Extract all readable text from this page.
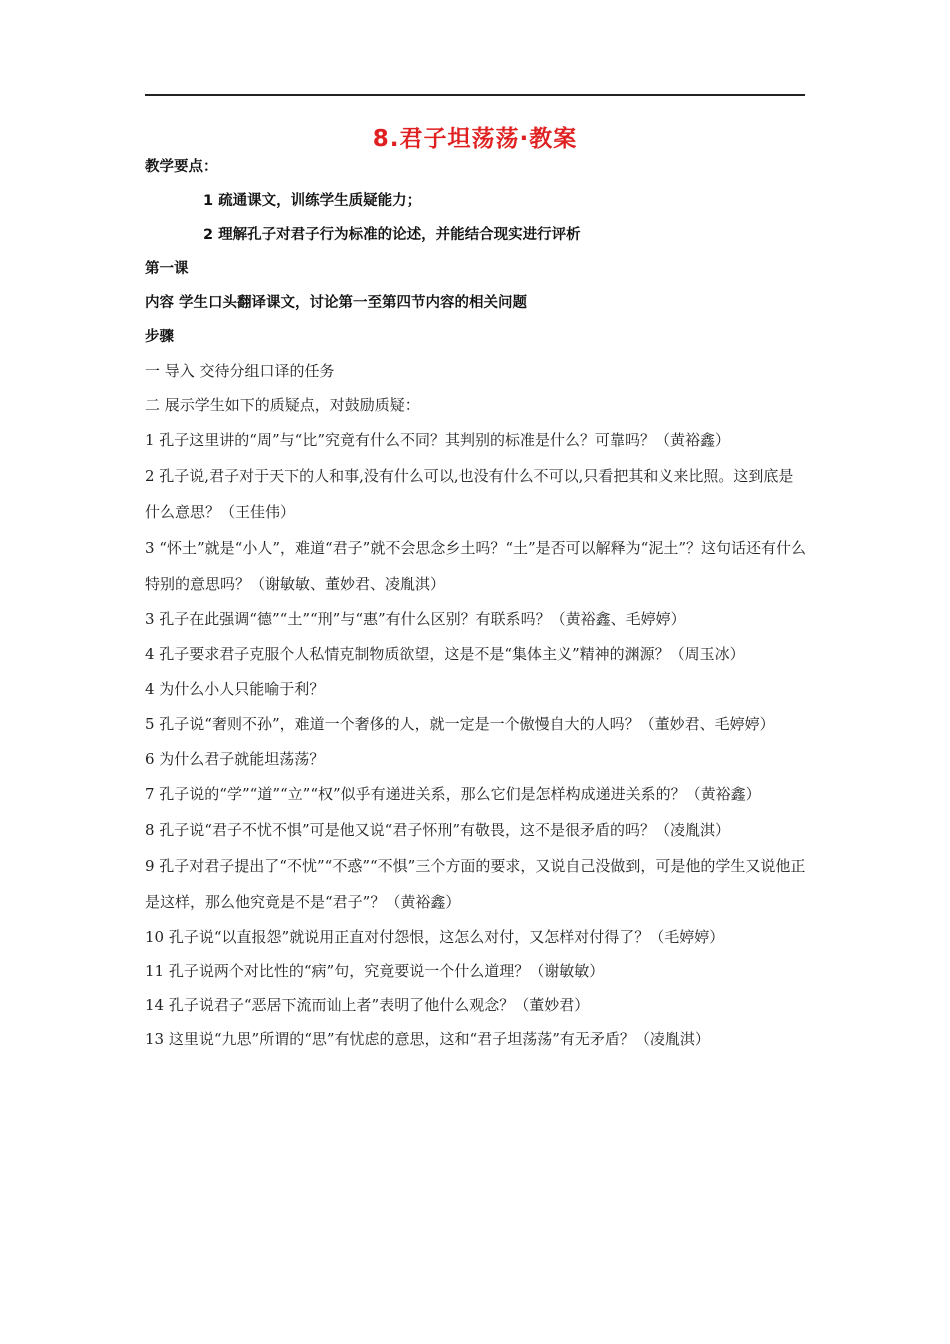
8.君子坦荡荡·教案
教学要点：
1 疏通课文，训练学生质疑能力；
2 理解孔子对君子行为标准的论述，并能结合现实进行评析
第一课
内容 学生口头翻译课文，讨论第一至第四节内容的相关问题
步骤
一 导入 交待分组口译的任务
二 展示学生如下的质疑点，对鼓励质疑：
1 孔子这里讲的“周”与“比”究竟有什么不同？其判别的标准是什么？可靠吗？（黄裕鑫）
2 孔子说,君子对于天下的人和事,没有什么可以,也没有什么不可以,只看把其和义来比照。这到底是什么意思？（王佳伟）
3 “怀土”就是“小人”，难道“君子”就不会思念乡土吗？“土”是否可以解释为“泥土”？这句话还有什么特别的意思吗？（谢敏敏、董妙君、凌胤淇）
3 孔子在此强调“德”“土”“刑”与“惠”有什么区别？有联系吗？（黄裕鑫、毛婷婷）
4 孔子要求君子克服个人私情克制物质欲望，这是不是“集体主义”精神的渊源？（周玉冰）
4 为什么小人只能喻于利？
5 孔子说“奢则不孙”，难道一个奢侈的人，就一定是一个傲慢自大的人吗？（董妙君、毛婷婷）
6 为什么君子就能坦荡荡？
7 孔子说的“学”“道”“立”“权”似乎有递进关系，那么它们是怎样构成递进关系的？（黄裕鑫）
8 孔子说“君子不忧不惧”可是他又说“君子怀刑”有敬畏，这不是很矛盾的吗？（凌胤淇）
9 孔子对君子提出了“不忧”“不惑”“不惧”三个方面的要求，又说自己没做到，可是他的学生又说他正是这样，那么他究竟是不是“君子”？（黄裕鑫）
10 孔子说“以直报怨”就说用正直对付怨恨，这怎么对付，又怎样对付得了？（毛婷婷）
11 孔子说两个对比性的“病”句，究竟要说一个什么道理？（谢敏敏）
14 孔子说君子“恶居下流而讪上者”表明了他什么观念？（董妙君）
13 这里说“九思”所谓的“思”有忧虑的意思，这和“君子坦荡荡”有无矛盾？（凌胤淇）
